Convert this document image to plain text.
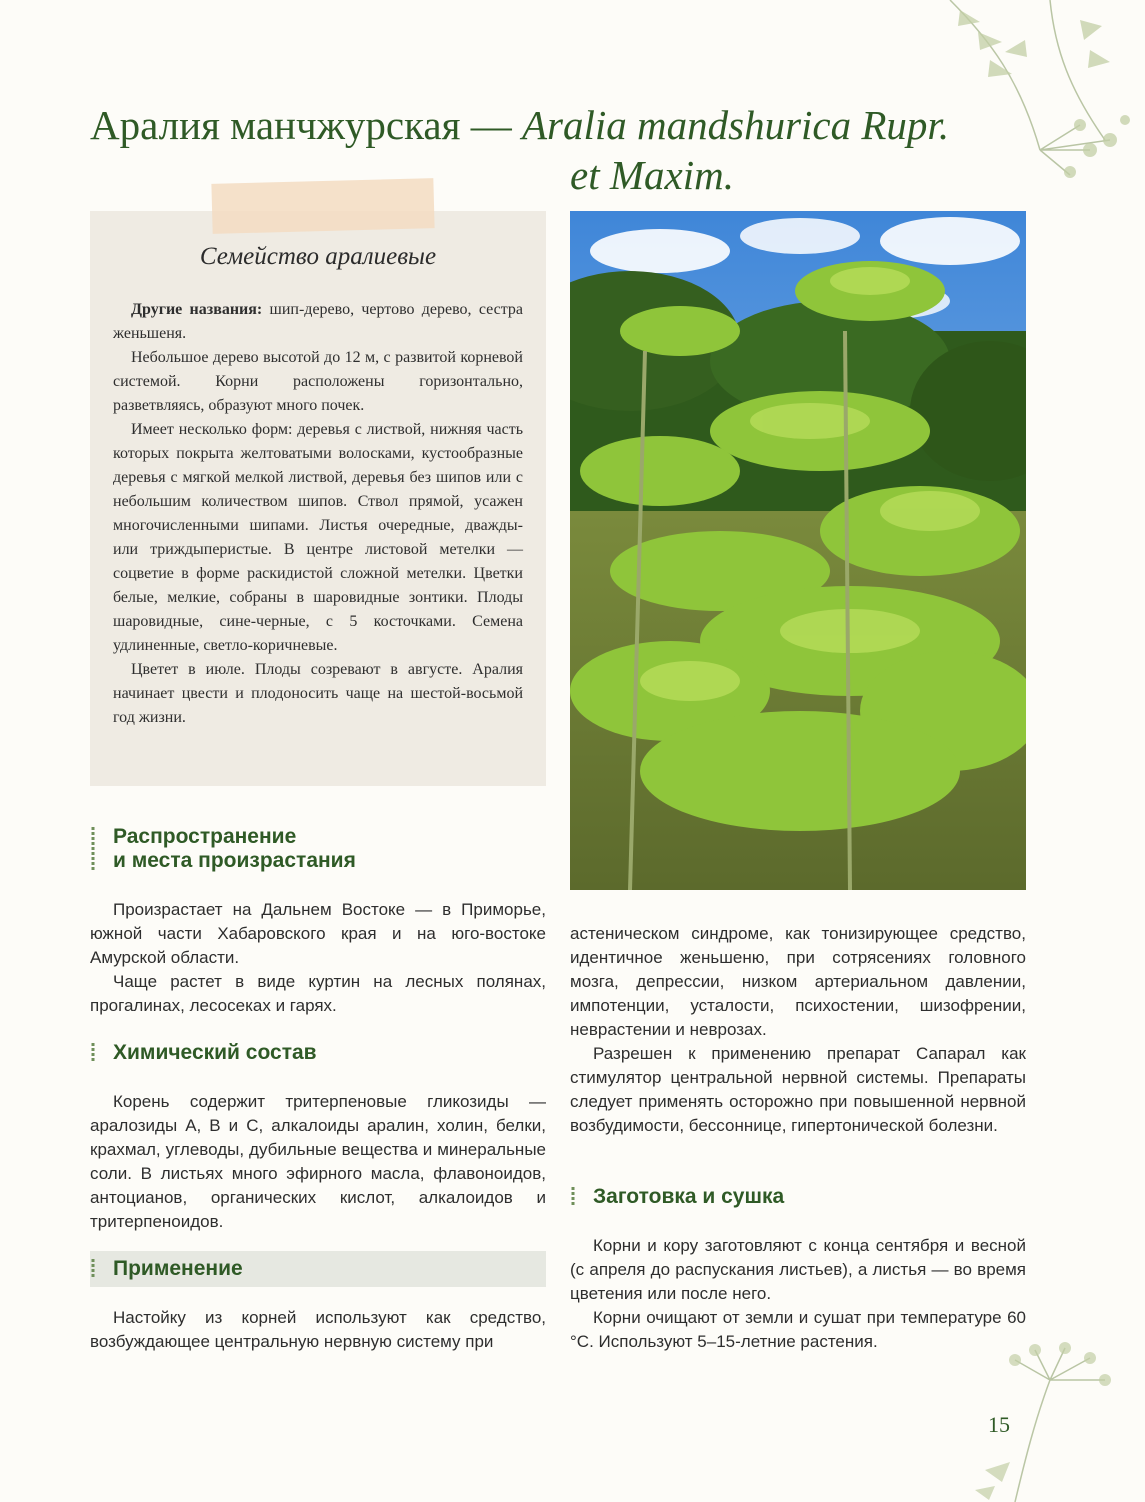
Аралия манчжурская — Aralia mandshurica Rupr.
et Maxim.
Семейство аралиевые

Другие названия: шип-дерево, чертово дерево, сестра женьшеня.

Небольшое дерево высотой до 12 м, с развитой корневой системой. Корни расположены горизонтально, разветвляясь, образуют много почек.

Имеет несколько форм: деревья с листвой, нижняя часть которых покрыта желтоватыми волосками, кустообразные деревья с мягкой мелкой листвой, деревья без шипов или с небольшим количеством шипов. Ствол прямой, усажен многочисленными шипами. Листья очередные, дважды- или триждыперистые. В центре листовой метелки — соцветие в форме раскидистой сложной метелки. Цветки белые, мелкие, собраны в шаровидные зонтики. Плоды шаровидные, сине-черные, с 5 косточками. Семена удлиненные, светло-коричневые.

Цветет в июле. Плоды созревают в августе. Аралия начинает цвести и плодоносить чаще на шестой-восьмой год жизни.

Распространение
и места произрастания

Произрастает на Дальнем Востоке — в Приморье, южной части Хабаровского края и на юго-востоке Амурской области.

Чаще растет в виде куртин на лесных полянах, прогалинах, лесосеках и гарях.

Химический состав

Корень содержит тритерпеновые гликозиды — аралозиды А, В и С, алкалоиды аралин, холин, белки, крахмал, углеводы, дубильные вещества и минеральные соли. В листьях много эфирного масла, флавоноидов, антоцианов, органических кислот, алкалоидов и тритерпеноидов.

Применение

Настойку из корней используют как средство, возбуждающее центральную нервную систему при

астеническом синдроме, как тонизирующее средство, идентичное женьшеню, при сотрясениях головного мозга, депрессии, низком артериальном давлении, импотенции, усталости, психостении, шизофрении, неврастении и неврозах.

Разрешен к применению препарат Сапарал как стимулятор центральной нервной системы. Препараты следует применять осторожно при повышенной нервной возбудимости, бессоннице, гипертонической болезни.

Заготовка и сушка

Корни и кору заготовляют с конца сентября и весной (с апреля до распускания листьев), а листья — во время цветения или после него.

Корни очищают от земли и сушат при температуре 60 °С. Используют 5–15-летние растения.

15
